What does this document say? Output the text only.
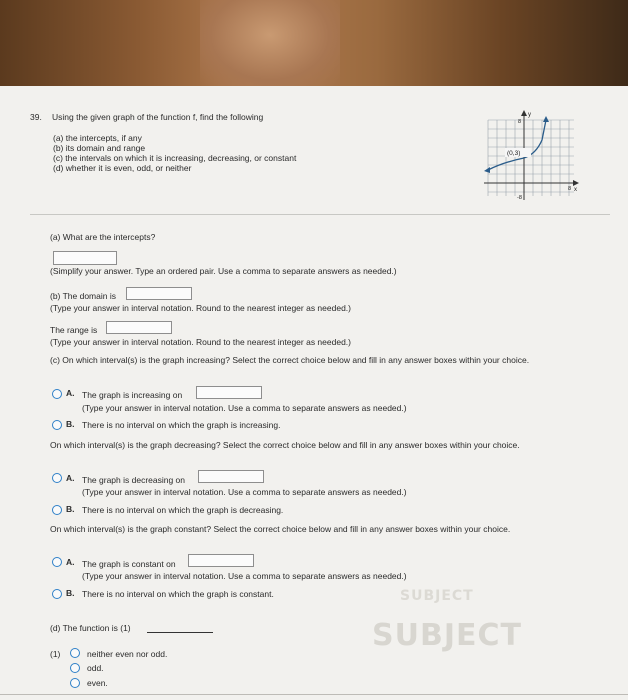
39. Using the given graph of the function f, find the following
(a) the intercepts, if any
(b) its domain and range
(c) the intervals on which it is increasing, decreasing, or constant
(d) whether it is even, odd, or neither
(0,3)
y
x
8
-8
8
(a) What are the intercepts?
(Simplify your answer. Type an ordered pair. Use a comma to separate answers as needed.)
(b) The domain is
(Type your answer in interval notation. Round to the nearest integer as needed.)
The range is
(Type your answer in interval notation. Round to the nearest integer as needed.)
(c) On which interval(s) is the graph increasing? Select the correct choice below and fill in any answer boxes within your choice.
A. The graph is increasing on
(Type your answer in interval notation. Use a comma to separate answers as needed.)
B. There is no interval on which the graph is increasing.
On which interval(s) is the graph decreasing? Select the correct choice below and fill in any answer boxes within your choice.
A. The graph is decreasing on
(Type your answer in interval notation. Use a comma to separate answers as needed.)
B. There is no interval on which the graph is decreasing.
On which interval(s) is the graph constant? Select the correct choice below and fill in any answer boxes within your choice.
A. The graph is constant on
(Type your answer in interval notation. Use a comma to separate answers as needed.)
B. There is no interval on which the graph is constant.
SUBJECT
SUBJECT
(d) The function is (1)
(1)	neither even nor odd.
odd.
even.
